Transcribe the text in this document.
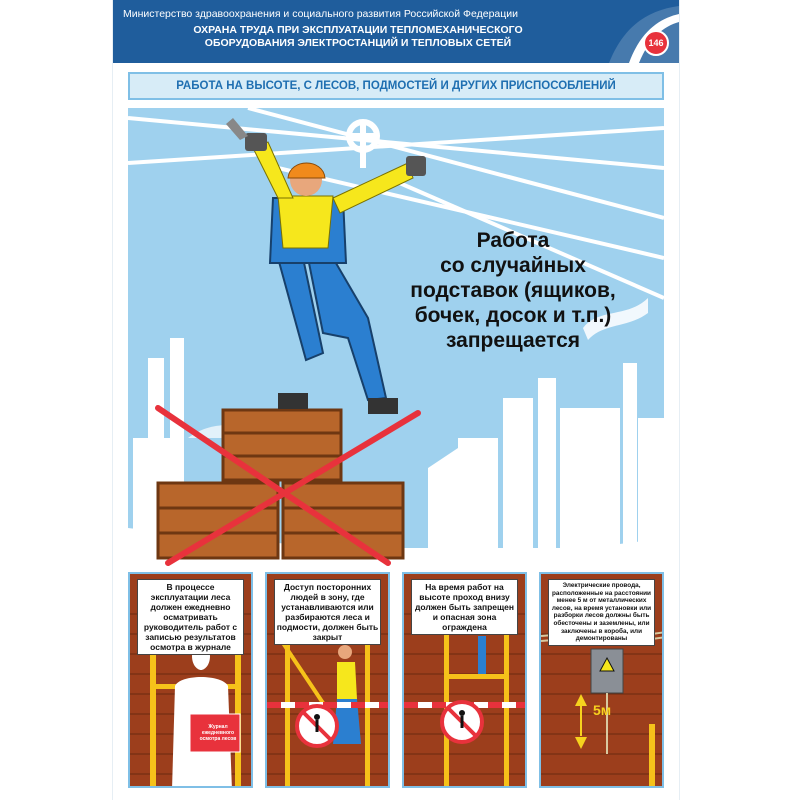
Министерство здравоохранения и социального развития Российской Федерации
ОХРАНА ТРУДА ПРИ ЭКСПЛУАТАЦИИ ТЕПЛОМЕХАНИЧЕСКОГО
ОБОРУДОВАНИЯ ЭЛЕКТРОСТАНЦИЙ И ТЕПЛОВЫХ СЕТЕЙ	146
РАБОТА НА ВЫСОТЕ, С ЛЕСОВ, ПОДМОСТЕЙ И ДРУГИХ ПРИСПОСОБЛЕНИЙ
Работа
со случайных
подставок (ящиков,
бочек, досок и т.п.)
запрещается
В процессе эксплуатации леса должен ежедневно осматривать руководитель работ с записью результатов осмотра в журнале
Журнал ежедневного осмотра лесов
Доступ посторонних людей в зону, где устанавливаются или разбираются леса и подмости, должен быть закрыт
На время работ на высоте проход внизу должен быть запрещен и опасная зона ограждена
Электрические провода, расположенные на расстоянии менее 5 м от металлических лесов, на время установки или разборки лесов должны быть обесточены и заземлены, или заключены в короба, или демонтированы
5м
